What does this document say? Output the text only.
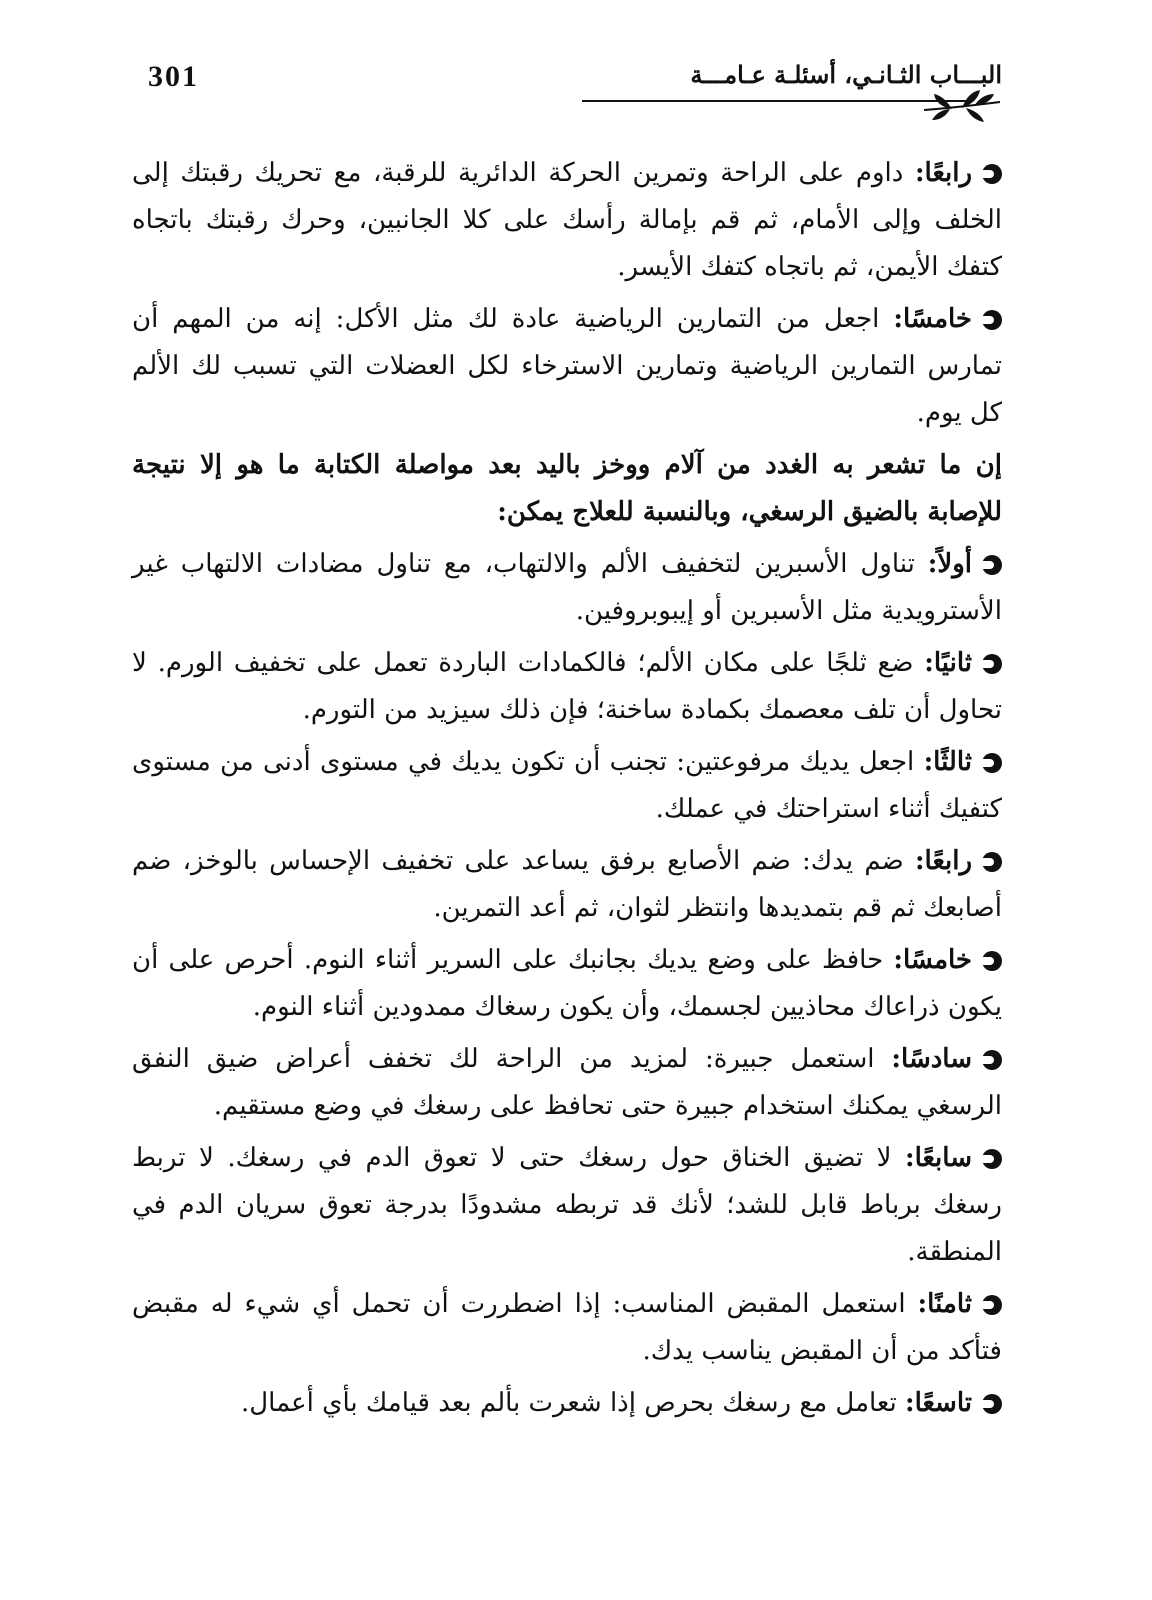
301	البـــاب الثـانـي، أسئلـة عـامـــة

رابعًا: داوم على الراحة وتمرين الحركة الدائرية للرقبة، مع تحريك رقبتك إلى الخلف وإلى الأمام، ثم قم بإمالة رأسك على كلا الجانبين، وحرك رقبتك باتجاه كتفك الأيمن، ثم باتجاه كتفك الأيسر.

خامسًا: اجعل من التمارين الرياضية عادة لك مثل الأكل: إنه من المهم أن تمارس التمارين الرياضية وتمارين الاسترخاء لكل العضلات التي تسبب لك الألم كل يوم.

إن ما تشعر به الغدد من آلام ووخز باليد بعد مواصلة الكتابة ما هو إلا نتيجة للإصابة بالضيق الرسغي، وبالنسبة للعلاج يمكن:

أولاً: تناول الأسبرين لتخفيف الألم والالتهاب، مع تناول مضادات الالتهاب غير الأسترويدية مثل الأسبرين أو إيبوبروفين.

ثانيًا: ضع ثلجًا على مكان الألم؛ فالكمادات الباردة تعمل على تخفيف الورم. لا تحاول أن تلف معصمك بكمادة ساخنة؛ فإن ذلك سيزيد من التورم.

ثالثًا: اجعل يديك مرفوعتين: تجنب أن تكون يديك في مستوى أدنى من مستوى كتفيك أثناء استراحتك في عملك.

رابعًا: ضم يدك: ضم الأصابع برفق يساعد على تخفيف الإحساس بالوخز، ضم أصابعك ثم قم بتمديدها وانتظر لثوان، ثم أعد التمرين.

خامسًا: حافظ على وضع يديك بجانبك على السرير أثناء النوم. أحرص على أن يكون ذراعاك محاذيين لجسمك، وأن يكون رسغاك ممدودين أثناء النوم.

سادسًا: استعمل جبيرة: لمزيد من الراحة لك تخفف أعراض ضيق النفق الرسغي يمكنك استخدام جبيرة حتى تحافظ على رسغك في وضع مستقيم.

سابعًا: لا تضيق الخناق حول رسغك حتى لا تعوق الدم في رسغك. لا تربط رسغك برباط قابل للشد؛ لأنك قد تربطه مشدودًا بدرجة تعوق سريان الدم في المنطقة.

ثامنًا: استعمل المقبض المناسب: إذا اضطررت أن تحمل أي شيء له مقبض فتأكد من أن المقبض يناسب يدك.

تاسعًا: تعامل مع رسغك بحرص إذا شعرت بألم بعد قيامك بأي أعمال.
